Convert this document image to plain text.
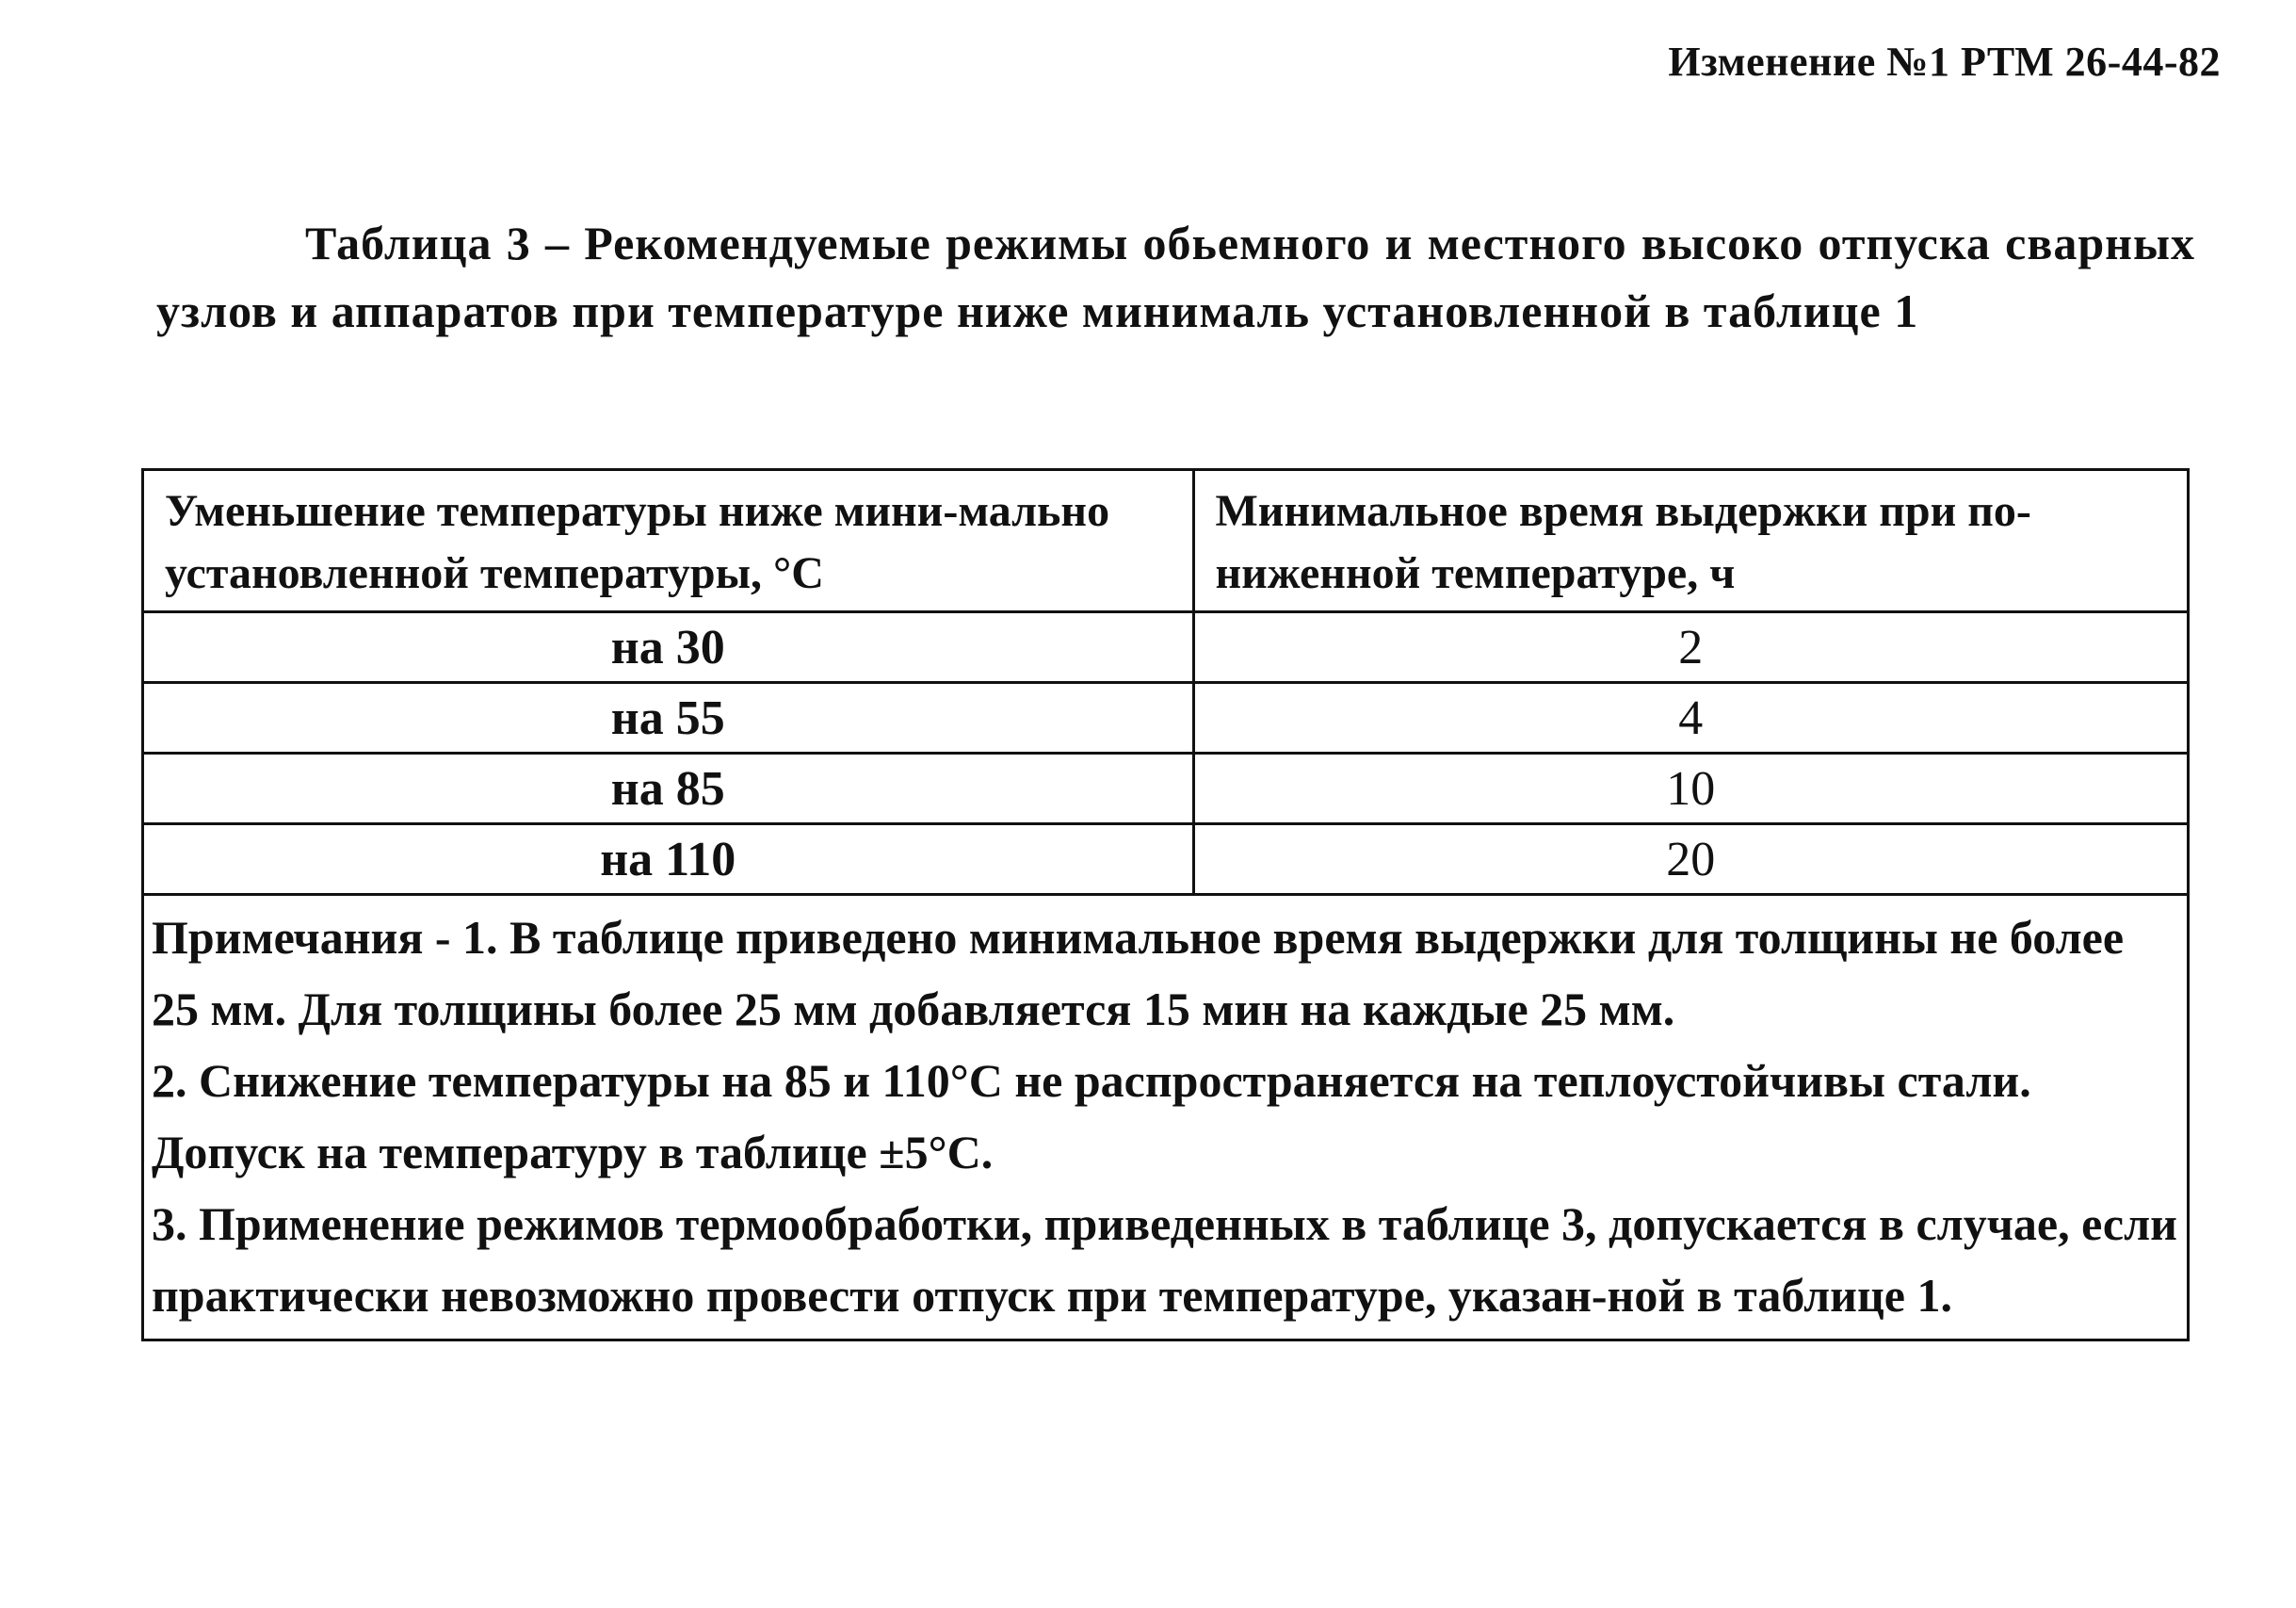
Изменение №1 РТМ 26-44-82
Таблица 3 – Рекомендуемые режимы обьемного и местного высоко отпуска сварных узлов и аппаратов при температуре ниже минималь установленной в таблице 1
Уменьшение температуры ниже мини-мально установленной температуры, °С	Минимальное время выдержки при по-ниженной температуре, ч
на 30	2
на 55	4
на 85	10
на 110	20

Примечания - 1. В таблице приведено минимальное время выдержки для толщины не более 25 мм. Для толщины более 25 мм добавляется 15 мин на каждые 25 мм.

2. Снижение температуры на 85 и 110°С не распространяется на теплоустойчивы стали. Допуск на температуру в таблице ±5°С.

3. Применение режимов термообработки, приведенных в таблице 3, допускается в случае, если практически невозможно провести отпуск при температуре, указан-ной в таблице 1.
